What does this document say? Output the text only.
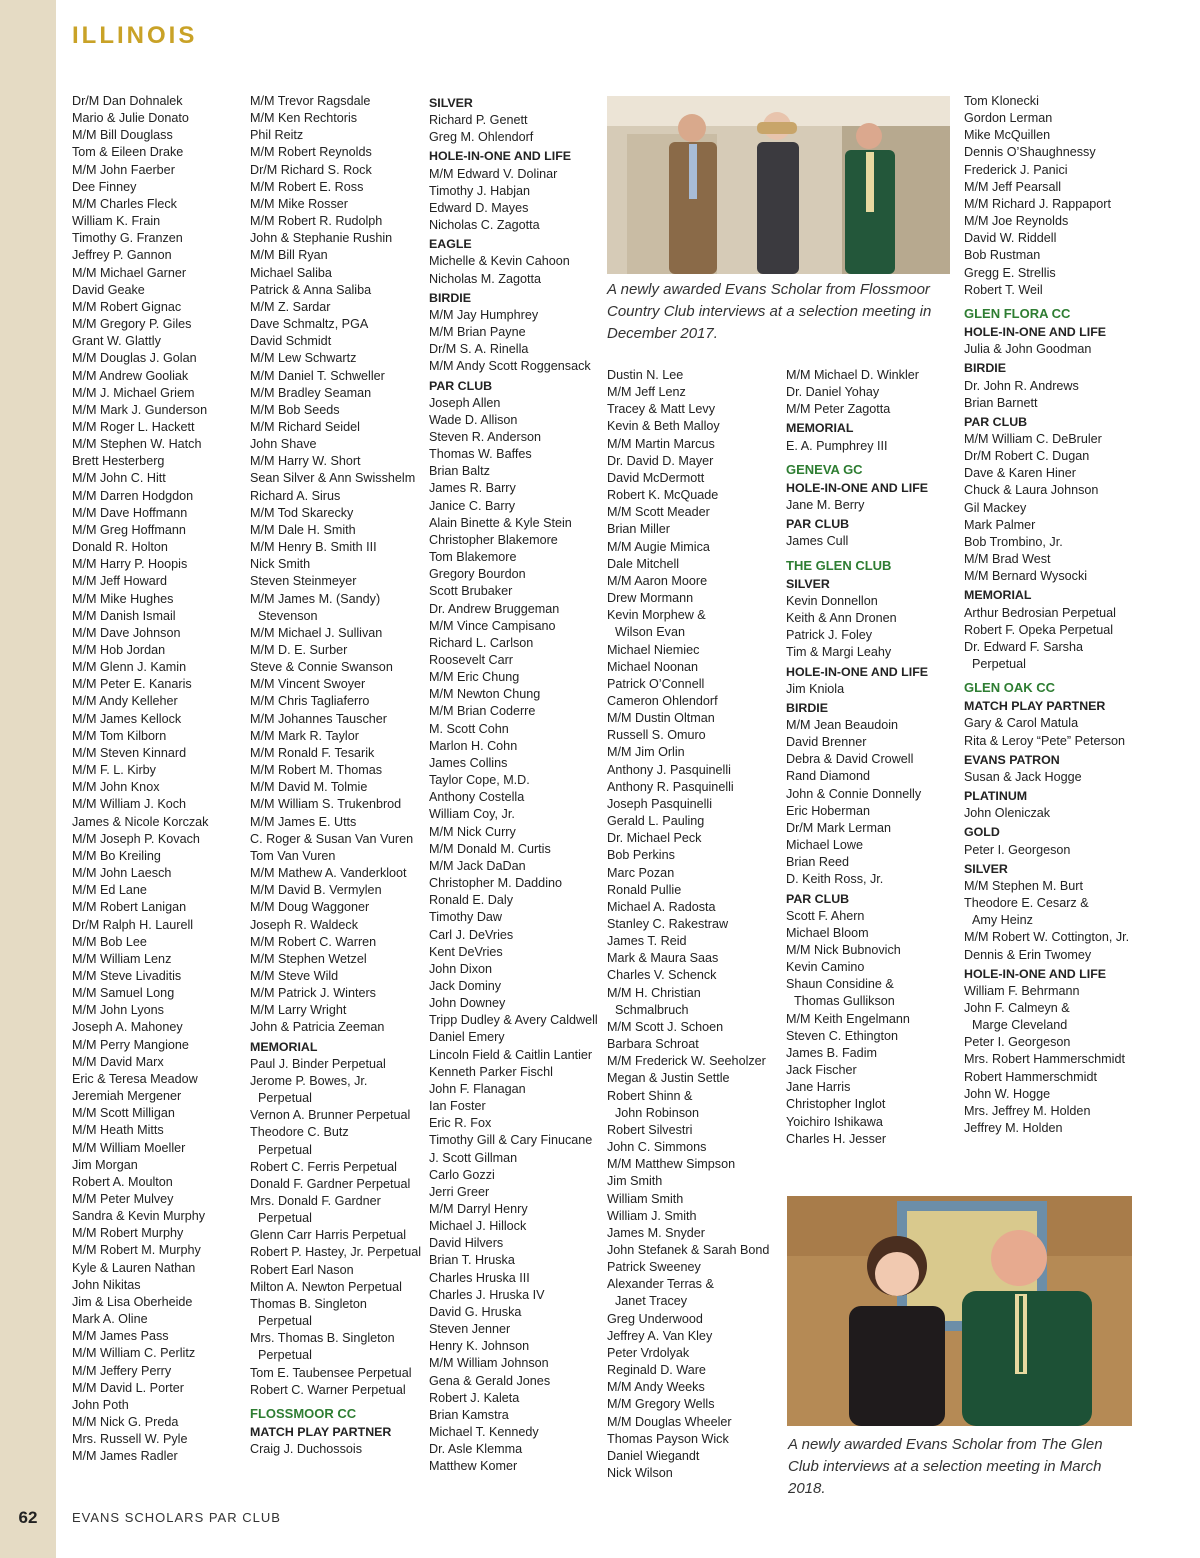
62
ILLINOIS
EVANS SCHOLARS PAR CLUB
Dr/M Dan Dohnalek
Mario & Julie Donato
M/M Bill Douglass
Tom & Eileen Drake
M/M John Faerber
Dee Finney
M/M Charles Fleck
William K. Frain
Timothy G. Franzen
Jeffrey P. Gannon
M/M Michael Garner
David Geake
M/M Robert Gignac
M/M Gregory P. Giles
Grant W. Glattly
M/M Douglas J. Golan
M/M Andrew Gooliak
M/M J. Michael Griem
M/M Mark J. Gunderson
M/M Roger L. Hackett
M/M Stephen W. Hatch
Brett Hesterberg
M/M John C. Hitt
M/M Darren Hodgdon
M/M Dave Hoffmann
M/M Greg Hoffmann
Donald R. Holton
M/M Harry P. Hoopis
M/M Jeff Howard
M/M Mike Hughes
M/M Danish Ismail
M/M Dave Johnson
M/M Hob Jordan
M/M Glenn J. Kamin
M/M Peter E. Kanaris
M/M Andy Kelleher
M/M James Kellock
M/M Tom Kilborn
M/M Steven Kinnard
M/M F. L. Kirby
M/M John Knox
M/M William J. Koch
James & Nicole Korczak
M/M Joseph P. Kovach
M/M Bo Kreiling
M/M John Laesch
M/M Ed Lane
M/M Robert Lanigan
Dr/M Ralph H. Laurell
M/M Bob Lee
M/M William Lenz
M/M Steve Livaditis
M/M Samuel Long
M/M John Lyons
Joseph A. Mahoney
M/M Perry Mangione
M/M David Marx
Eric & Teresa Meadow
Jeremiah Mergener
M/M Scott Milligan
M/M Heath Mitts
M/M William Moeller
Jim Morgan
Robert A. Moulton
M/M Peter Mulvey
Sandra & Kevin Murphy
M/M Robert Murphy
M/M Robert M. Murphy
Kyle & Lauren Nathan
John Nikitas
Jim & Lisa Oberheide
Mark A. Oline
M/M James Pass
M/M William C. Perlitz
M/M Jeffery Perry
M/M David L. Porter
John Poth
M/M Nick G. Preda
Mrs. Russell W. Pyle
M/M James Radler
M/M Trevor Ragsdale
M/M Ken Rechtoris
Phil Reitz
M/M Robert Reynolds
Dr/M Richard S. Rock
M/M Robert E. Ross
M/M Mike Rosser
M/M Robert R. Rudolph
John & Stephanie Rushin
M/M Bill Ryan
Michael Saliba
Patrick & Anna Saliba
M/M Z. Sardar
Dave Schmaltz, PGA
David Schmidt
M/M Lew Schwartz
M/M Daniel T. Schweller
M/M Bradley Seaman
M/M Bob Seeds
M/M Richard Seidel
John Shave
M/M Harry W. Short
Sean Silver & Ann Swisshelm
Richard A. Sirus
M/M Tod Skarecky
M/M Dale H. Smith
M/M Henry B. Smith III
Nick Smith
Steven Steinmeyer
M/M James M. (Sandy)
Stevenson
M/M Michael J. Sullivan
M/M D. E. Surber
Steve & Connie Swanson
M/M Vincent Swoyer
M/M Chris Tagliaferro
M/M Johannes Tauscher
M/M Mark R. Taylor
M/M Ronald F. Tesarik
M/M Robert M. Thomas
M/M David M. Tolmie
M/M William S. Trukenbrod
M/M James E. Utts
C. Roger & Susan Van Vuren
Tom Van Vuren
M/M Mathew A. Vanderkloot
M/M David B. Vermylen
M/M Doug Waggoner
Joseph R. Waldeck
M/M Robert C. Warren
M/M Stephen Wetzel
M/M Steve Wild
M/M Patrick J. Winters
M/M Larry Wright
John & Patricia Zeeman
MEMORIAL
Paul J. Binder Perpetual
Jerome P. Bowes, Jr.
Perpetual
Vernon A. Brunner Perpetual
Theodore C. Butz
Perpetual
Robert C. Ferris Perpetual
Donald F. Gardner Perpetual
Mrs. Donald F. Gardner
Perpetual
Glenn Carr Harris Perpetual
Robert P. Hastey, Jr. Perpetual
Robert Earl Nason
Milton A. Newton Perpetual
Thomas B. Singleton
Perpetual
Mrs. Thomas B. Singleton
Perpetual
Tom E. Taubensee Perpetual
Robert C. Warner Perpetual
FLOSSMOOR CC
MATCH PLAY PARTNER
Craig J. Duchossois
SILVER
Richard P. Genett
Greg M. Ohlendorf
HOLE-IN-ONE AND LIFE
M/M Edward V. Dolinar
Timothy J. Habjan
Edward D. Mayes
Nicholas C. Zagotta
EAGLE
Michelle & Kevin Cahoon
Nicholas M. Zagotta
BIRDIE
M/M Jay Humphrey
M/M Brian Payne
Dr/M S. A. Rinella
M/M Andy Scott Roggensack
PAR CLUB
Joseph Allen
Wade D. Allison
Steven R. Anderson
Thomas W. Baffes
Brian Baltz
James R. Barry
Janice C. Barry
Alain Binette & Kyle Stein
Christopher Blakemore
Tom Blakemore
Gregory Bourdon
Scott Brubaker
Dr. Andrew Bruggeman
M/M Vince Campisano
Richard L. Carlson
Roosevelt Carr
M/M Eric Chung
M/M Newton Chung
M/M Brian Coderre
M. Scott Cohn
Marlon H. Cohn
James Collins
Taylor Cope, M.D.
Anthony Costella
William Coy, Jr.
M/M Nick Curry
M/M Donald M. Curtis
M/M Jack DaDan
Christopher M. Daddino
Ronald E. Daly
Timothy Daw
Carl J. DeVries
Kent DeVries
John Dixon
Jack Dominy
John Downey
Tripp Dudley & Avery Caldwell
Daniel Emery
Lincoln Field & Caitlin Lantier
Kenneth Parker Fischl
John F. Flanagan
Ian Foster
Eric R. Fox
Timothy Gill & Cary Finucane
J. Scott Gillman
Carlo Gozzi
Jerri Greer
M/M Darryl Henry
Michael J. Hillock
David Hilvers
Brian T. Hruska
Charles Hruska III
Charles J. Hruska IV
David G. Hruska
Steven Jenner
Henry K. Johnson
M/M William Johnson
Gena & Gerald Jones
Robert J. Kaleta
Brian Kamstra
Michael T. Kennedy
Dr. Asle Klemma
Matthew Komer
Dustin N. Lee
M/M Jeff Lenz
Tracey & Matt Levy
Kevin & Beth Malloy
M/M Martin Marcus
Dr. David D. Mayer
David McDermott
Robert K. McQuade
M/M Scott Meader
Brian Miller
M/M Augie Mimica
Dale Mitchell
M/M Aaron Moore
Drew Mormann
Kevin Morphew &
Wilson Evan
Michael Niemiec
Michael Noonan
Patrick O’Connell
Cameron Ohlendorf
M/M Dustin Oltman
Russell S. Omuro
M/M Jim Orlin
Anthony J. Pasquinelli
Anthony R. Pasquinelli
Joseph Pasquinelli
Gerald L. Pauling
Dr. Michael Peck
Bob Perkins
Marc Pozan
Ronald Pullie
Michael A. Radosta
Stanley C. Rakestraw
James T. Reid
Mark & Maura Saas
Charles V. Schenck
M/M H. Christian
Schmalbruch
M/M Scott J. Schoen
Barbara Schroat
M/M Frederick W. Seeholzer
Megan & Justin Settle
Robert Shinn &
John Robinson
Robert Silvestri
John C. Simmons
M/M Matthew Simpson
Jim Smith
William Smith
William J. Smith
James M. Snyder
John Stefanek & Sarah Bond
Patrick Sweeney
Alexander Terras &
Janet Tracey
Greg Underwood
Jeffrey A. Van Kley
Peter Vrdolyak
Reginald D. Ware
M/M Andy Weeks
M/M Gregory Wells
M/M Douglas Wheeler
Thomas Payson Wick
Daniel Wiegandt
Nick Wilson
M/M Michael D. Winkler
Dr. Daniel Yohay
M/M Peter Zagotta
MEMORIAL
E. A. Pumphrey III
GENEVA GC
HOLE-IN-ONE AND LIFE
Jane M. Berry
PAR CLUB
James Cull
THE GLEN CLUB
SILVER
Kevin Donnellon
Keith & Ann Dronen
Patrick J. Foley
Tim & Margi Leahy
HOLE-IN-ONE AND LIFE
Jim Kniola
BIRDIE
M/M Jean Beaudoin
David Brenner
Debra & David Crowell
Rand Diamond
John & Connie Donnelly
Eric Hoberman
Dr/M Mark Lerman
Michael Lowe
Brian Reed
D. Keith Ross, Jr.
PAR CLUB
Scott F. Ahern
Michael Bloom
M/M Nick Bubnovich
Kevin Camino
Shaun Considine &
Thomas Gullikson
M/M Keith Engelmann
Steven C. Ethington
James B. Fadim
Jack Fischer
Jane Harris
Christopher Inglot
Yoichiro Ishikawa
Charles H. Jesser
Tom Klonecki
Gordon Lerman
Mike McQuillen
Dennis O’Shaughnessy
Frederick J. Panici
M/M Jeff Pearsall
M/M Richard J. Rappaport
M/M Joe Reynolds
David W. Riddell
Bob Rustman
Gregg E. Strellis
Robert T. Weil
GLEN FLORA CC
HOLE-IN-ONE AND LIFE
Julia & John Goodman
BIRDIE
Dr. John R. Andrews
Brian Barnett
PAR CLUB
M/M William C. DeBruler
Dr/M Robert C. Dugan
Dave & Karen Hiner
Chuck & Laura Johnson
Gil Mackey
Mark Palmer
Bob Trombino, Jr.
M/M Brad West
M/M Bernard Wysocki
MEMORIAL
Arthur Bedrosian Perpetual
Robert F. Opeka Perpetual
Dr. Edward F. Sarsha
Perpetual
GLEN OAK CC
MATCH PLAY PARTNER
Gary & Carol Matula
Rita & Leroy “Pete” Peterson
EVANS PATRON
Susan & Jack Hogge
PLATINUM
John Oleniczak
GOLD
Peter I. Georgeson
SILVER
M/M Stephen M. Burt
Theodore E. Cesarz &
Amy Heinz
M/M Robert W. Cottington, Jr.
Dennis & Erin Twomey
HOLE-IN-ONE AND LIFE
William F. Behrmann
John F. Calmeyn &
Marge Cleveland
Peter I. Georgeson
Mrs. Robert Hammerschmidt
Robert Hammerschmidt
John W. Hogge
Mrs. Jeffrey M. Holden
Jeffrey M. Holden
A newly awarded Evans Scholar from Flossmoor Country Club interviews at a selection meeting in December 2017.
A newly awarded Evans Scholar from The Glen Club interviews at a selection meeting in March 2018.
